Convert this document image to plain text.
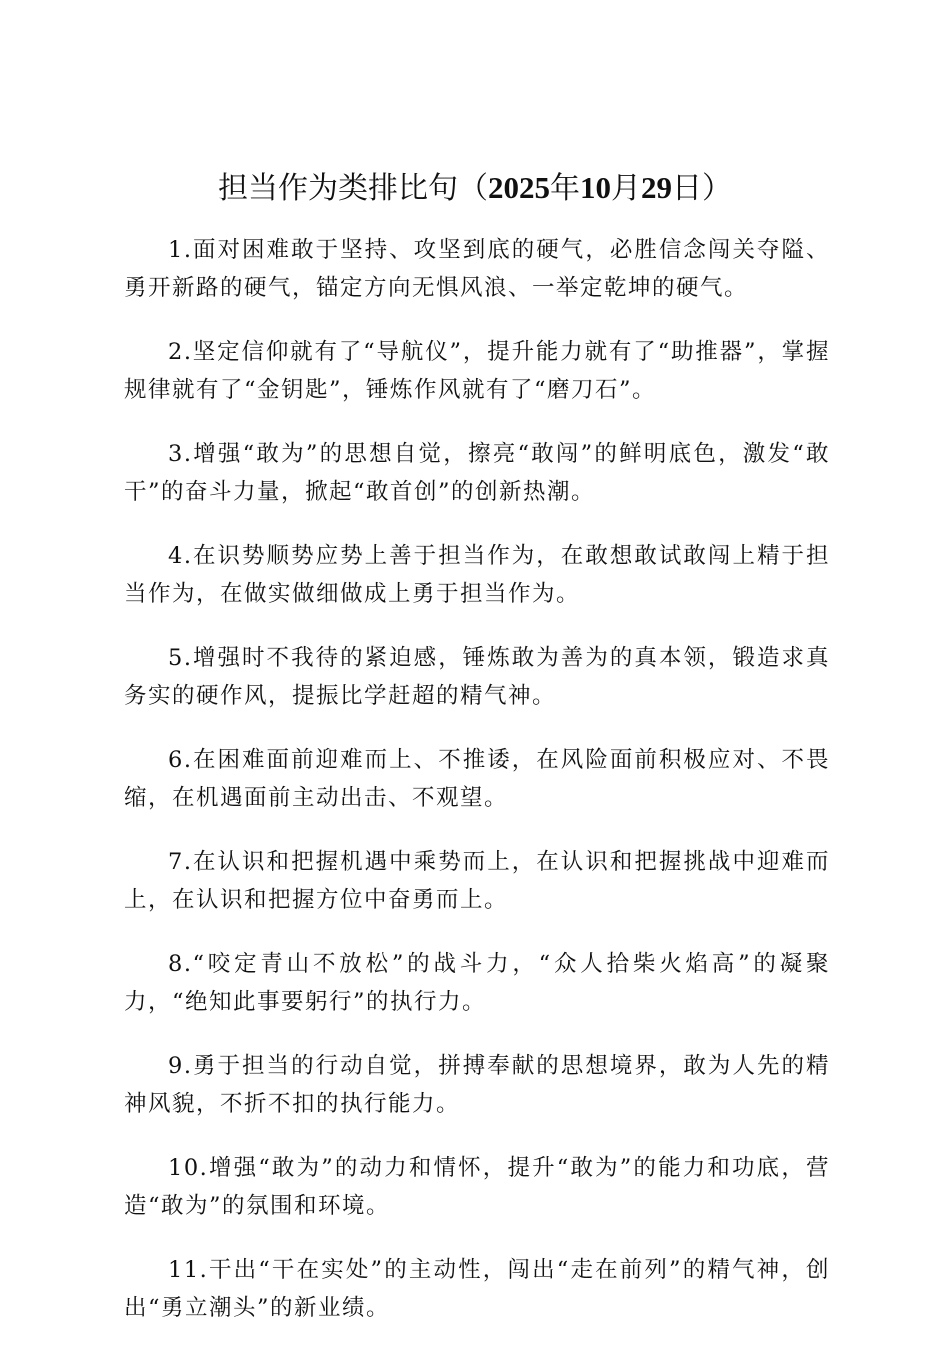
担当作为类排比句（2025年10月29日）

1.面对困难敢于坚持、攻坚到底的硬气，必胜信念闯关夺隘、勇开新路的硬气，锚定方向无惧风浪、一举定乾坤的硬气。

2.坚定信仰就有了“导航仪”，提升能力就有了“助推器”，掌握规律就有了“金钥匙”，锤炼作风就有了“磨刀石”。

3.增强“敢为”的思想自觉，擦亮“敢闯”的鲜明底色，激发“敢干”的奋斗力量，掀起“敢首创”的创新热潮。

4.在识势顺势应势上善于担当作为，在敢想敢试敢闯上精于担当作为，在做实做细做成上勇于担当作为。

5.增强时不我待的紧迫感，锤炼敢为善为的真本领，锻造求真务实的硬作风，提振比学赶超的精气神。

6.在困难面前迎难而上、不推诿，在风险面前积极应对、不畏缩，在机遇面前主动出击、不观望。

7.在认识和把握机遇中乘势而上，在认识和把握挑战中迎难而上，在认识和把握方位中奋勇而上。

8.“咬定青山不放松”的战斗力，“众人拾柴火焰高”的凝聚力，“绝知此事要躬行”的执行力。

9.勇于担当的行动自觉，拼搏奉献的思想境界，敢为人先的精神风貌，不折不扣的执行能力。

10.增强“敢为”的动力和情怀，提升“敢为”的能力和功底，营造“敢为”的氛围和环境。

11.干出“干在实处”的主动性，闯出“走在前列”的精气神，创出“勇立潮头”的新业绩。
